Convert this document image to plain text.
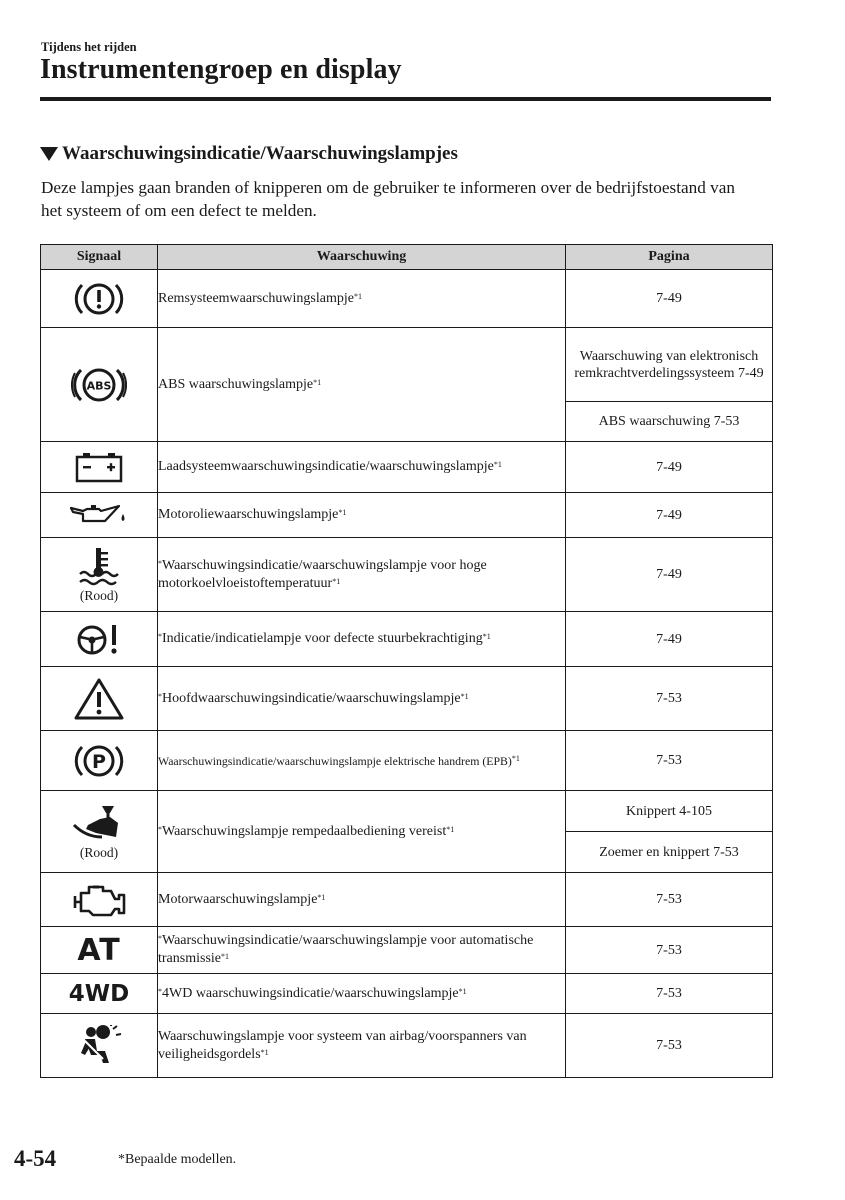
Tijdens het rijden
Instrumentengroep en display
Waarschuwingsindicatie/Waarschuwingslampjes

Deze lampjes gaan branden of knipperen om de gebruiker te informeren over de bedrijfstoestand van het systeem of om een defect te melden.

Signaal	Waarschuwing	Pagina

	Remsysteemwaarschuwingslampje$^{*1}$	7-49

ABS	ABS waarschuwingslampje$^{*1}$	Waarschuwing van elektronisch remkrachtverdelingssysteem 7-49
		ABS waarschuwing 7-53

	Laadsysteemwaarschuwingsindicatie/waarschuwingslampje$^{*1}$	7-49

	Motoroliewaarschuwingslampje$^{*1}$	7-49

(Rood)	*Waarschuwingsindicatie/waarschuwingslampje voor hoge motorkoelvloeistoftemperatuur$^{*1}$	7-49

	*Indicatie/indicatielampje voor defecte stuurbekrachtiging$^{*1}$	7-49

	*Hoofdwaarschuwingsindicatie/waarschuwingslampje$^{*1}$	7-53

P	Waarschuwingsindicatie/waarschuwingslampje elektrische handrem (EPB)$^{*1}$	7-53

(Rood)	*Waarschuwingslampje rempedaalbediening vereist$^{*1}$	Knippert 4-105
		Zoemer en knippert 7-53

	Motorwaarschuwingslampje$^{*1}$	7-53

AT	*Waarschuwingsindicatie/waarschuwingslampje voor automatische transmissie$^{*1}$	7-53

4WD	*4WD waarschuwingsindicatie/waarschuwingslampje$^{*1}$	7-53

	Waarschuwingslampje voor systeem van airbag/voorspanners van veiligheidsgordels$^{*1}$	7-53
4-54	*Bepaalde modellen.
